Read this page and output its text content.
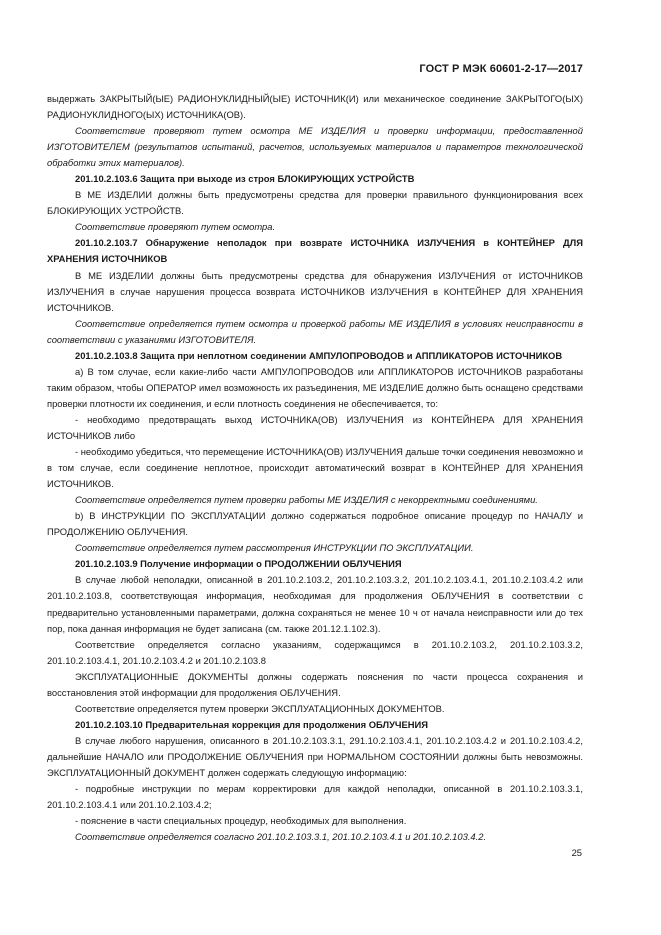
ГОСТ Р МЭК 60601-2-17—2017

выдержать ЗАКРЫТЫЙ(ЫЕ) РАДИОНУКЛИДНЫЙ(ЫЕ) ИСТОЧНИК(И) или механическое соединение ЗАКРЫТОГО(ЫХ) РАДИОНУКЛИДНОГО(ЫХ) ИСТОЧНИКА(ОВ).

Соответствие проверяют путем осмотра МЕ ИЗДЕЛИЯ и проверки информации, предоставленной ИЗГОТОВИТЕЛЕМ (результатов испытаний, расчетов, используемых материалов и параметров технологической обработки этих материалов).

201.10.2.103.6 Защита при выходе из строя БЛОКИРУЮЩИХ УСТРОЙСТВ

В МЕ ИЗДЕЛИИ должны быть предусмотрены средства для проверки правильного функционирования всех БЛОКИРУЮЩИХ УСТРОЙСТВ.

Соответствие проверяют путем осмотра.

201.10.2.103.7 Обнаружение неполадок при возврате ИСТОЧНИКА ИЗЛУЧЕНИЯ в КОНТЕЙНЕР ДЛЯ ХРАНЕНИЯ ИСТОЧНИКОВ

В МЕ ИЗДЕЛИИ должны быть предусмотрены средства для обнаружения ИЗЛУЧЕНИЯ от ИСТОЧНИКОВ ИЗЛУЧЕНИЯ в случае нарушения процесса возврата ИСТОЧНИКОВ ИЗЛУЧЕНИЯ в КОНТЕЙНЕР ДЛЯ ХРАНЕНИЯ ИСТОЧНИКОВ.

Соответствие определяется путем осмотра и проверкой работы МЕ ИЗДЕЛИЯ в условиях неисправности в соответствии с указаниями ИЗГОТОВИТЕЛЯ.

201.10.2.103.8 Защита при неплотном соединении АМПУЛОПРОВОДОВ и АППЛИКАТОРОВ ИСТОЧНИКОВ

а) В том случае, если какие-либо части АМПУЛОПРОВОДОВ или АППЛИКАТОРОВ ИСТОЧНИКОВ разработаны таким образом, чтобы ОПЕРАТОР имел возможность их разъединения, МЕ ИЗДЕЛИЕ должно быть оснащено средствами проверки плотности их соединения, и если плотность соединения не обеспечивается, то:

- необходимо предотвращать выход ИСТОЧНИКА(ОВ) ИЗЛУЧЕНИЯ из КОНТЕЙНЕРА ДЛЯ ХРАНЕНИЯ ИСТОЧНИКОВ либо

- необходимо убедиться, что перемещение ИСТОЧНИКА(ОВ) ИЗЛУЧЕНИЯ дальше точки соединения невозможно и в том случае, если соединение неплотное, происходит автоматический возврат в КОНТЕЙНЕР ДЛЯ ХРАНЕНИЯ ИСТОЧНИКОВ.

Соответствие определяется путем проверки работы МЕ ИЗДЕЛИЯ с некорректными соединениями.

b) В ИНСТРУКЦИИ ПО ЭКСПЛУАТАЦИИ должно содержаться подробное описание процедур по НАЧАЛУ и ПРОДОЛЖЕНИЮ ОБЛУЧЕНИЯ.

Соответствие определяется путем рассмотрения ИНСТРУКЦИИ ПО ЭКСПЛУАТАЦИИ.

201.10.2.103.9 Получение информации о ПРОДОЛЖЕНИИ ОБЛУЧЕНИЯ

В случае любой неполадки, описанной в 201.10.2.103.2, 201.10.2.103.3.2, 201.10.2.103.4.1, 201.10.2.103.4.2 или 201.10.2.103.8, соответствующая информация, необходимая для продолжения ОБЛУЧЕНИЯ в соответствии с предварительно установленными параметрами, должна сохраняться не менее 10 ч от начала неисправности или до тех пор, пока данная информация не будет записана (см. также 201.12.1.102.3).

Соответствие определяется согласно указаниям, содержащимся в 201.10.2.103.2, 201.10.2.103.3.2, 201.10.2.103.4.1, 201.10.2.103.4.2 и 201.10.2.103.8

ЭКСПЛУАТАЦИОННЫЕ ДОКУМЕНТЫ должны содержать пояснения по части процесса сохранения и восстановления этой информации для продолжения ОБЛУЧЕНИЯ.

Соответствие определяется путем проверки ЭКСПЛУАТАЦИОННЫХ ДОКУМЕНТОВ.

201.10.2.103.10 Предварительная коррекция для продолжения ОБЛУЧЕНИЯ

В случае любого нарушения, описанного в 201.10.2.103.3.1, 291.10.2.103.4.1, 201.10.2.103.4.2 и 201.10.2.103.4.2, дальнейшие НАЧАЛО или ПРОДОЛЖЕНИЕ ОБЛУЧЕНИЯ при НОРМАЛЬНОМ СОСТОЯНИИ должны быть невозможны. ЭКСПЛУАТАЦИОННЫЙ ДОКУМЕНТ должен содержать следующую информацию:

- подробные инструкции по мерам корректировки для каждой неполадки, описанной в 201.10.2.103.3.1, 201.10.2.103.4.1 или 201.10.2.103.4.2;

- пояснение в части специальных процедур, необходимых для выполнения.

Соответствие определяется согласно 201.10.2.103.3.1, 201.10.2.103.4.1 и 201.10.2.103.4.2.

25
